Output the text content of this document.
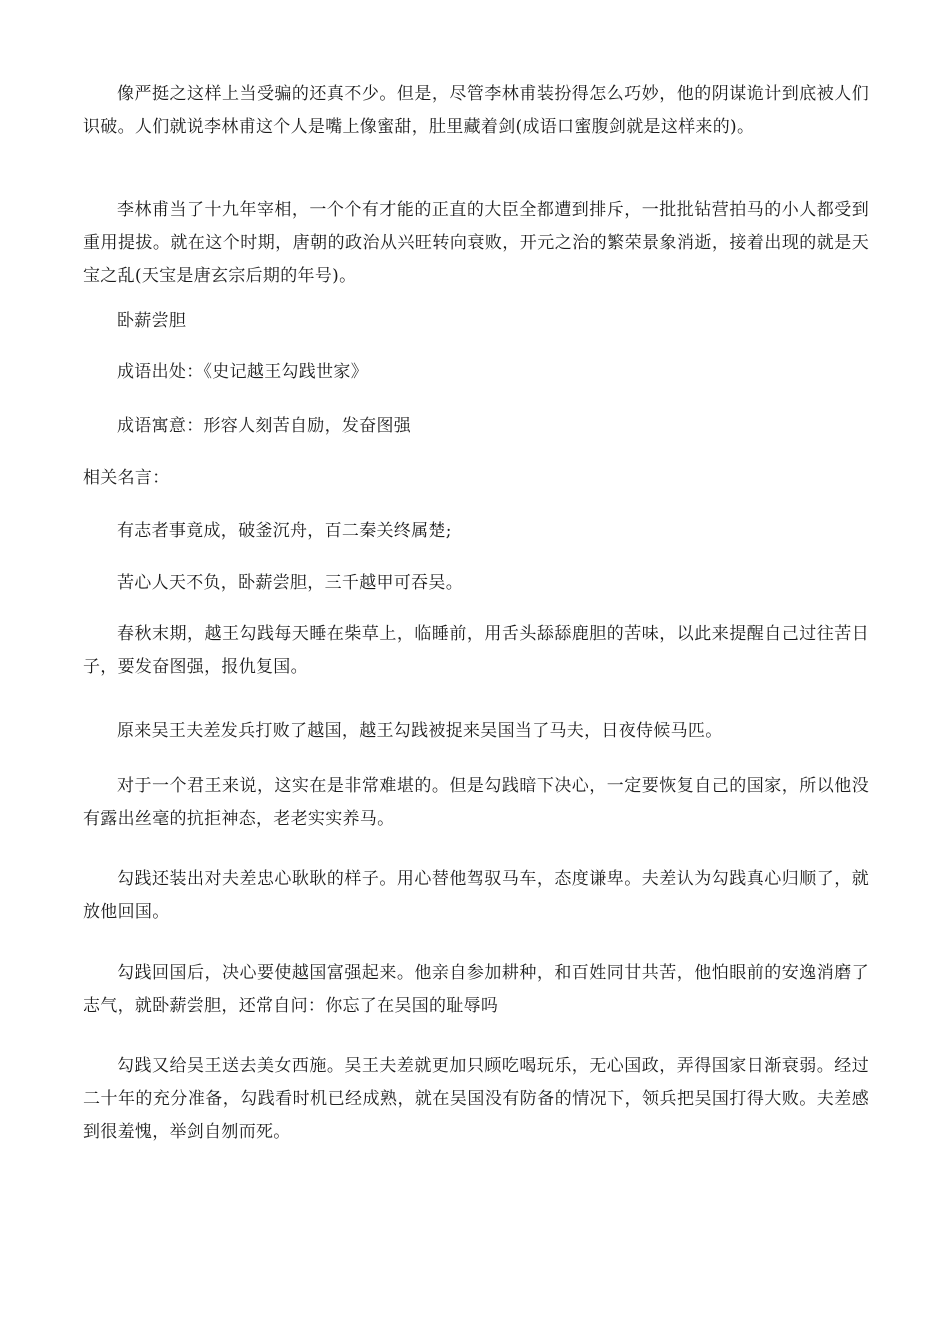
像严挺之这样上当受骗的还真不少。但是，尽管李林甫装扮得怎么巧妙，他的阴谋诡计到底被人们识破。人们就说李林甫这个人是嘴上像蜜甜，肚里藏着剑(成语口蜜腹剑就是这样来的)。

李林甫当了十九年宰相，一个个有才能的正直的大臣全都遭到排斥，一批批钻营拍马的小人都受到重用提拔。就在这个时期，唐朝的政治从兴旺转向衰败，开元之治的繁荣景象消逝，接着出现的就是天宝之乱(天宝是唐玄宗后期的年号)。

卧薪尝胆

成语出处：《史记越王勾践世家》

成语寓意：形容人刻苦自励，发奋图强

相关名言：

有志者事竟成，破釜沉舟，百二秦关终属楚;

苦心人天不负，卧薪尝胆，三千越甲可吞吴。

春秋末期，越王勾践每天睡在柴草上，临睡前，用舌头舔舔鹿胆的苦味，以此来提醒自己过往苦日子，要发奋图强，报仇复国。

原来吴王夫差发兵打败了越国，越王勾践被捉来吴国当了马夫，日夜侍候马匹。

对于一个君王来说，这实在是非常难堪的。但是勾践暗下决心，一定要恢复自己的国家，所以他没有露出丝毫的抗拒神态，老老实实养马。

勾践还装出对夫差忠心耿耿的样子。用心替他驾驭马车，态度谦卑。夫差认为勾践真心归顺了，就放他回国。

勾践回国后，决心要使越国富强起来。他亲自参加耕种，和百姓同甘共苦，他怕眼前的安逸消磨了志气，就卧薪尝胆，还常自问：你忘了在吴国的耻辱吗

勾践又给吴王送去美女西施。吴王夫差就更加只顾吃喝玩乐，无心国政，弄得国家日渐衰弱。经过二十年的充分准备，勾践看时机已经成熟，就在吴国没有防备的情况下，领兵把吴国打得大败。夫差感到很羞愧，举剑自刎而死。
